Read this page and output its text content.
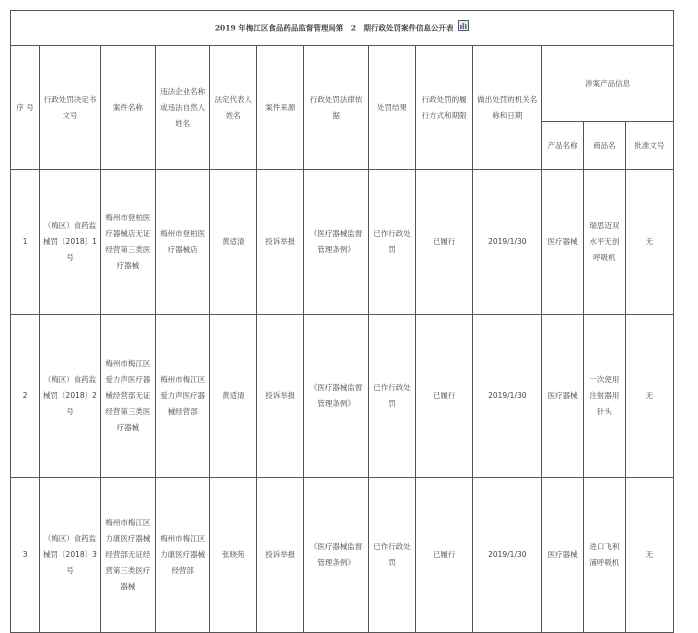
2019 年梅江区食品药品监督管理局第　2　期行政处罚案件信息公开表												
序 号	行政处罚决定书文号	案件名称	违法企业名称或违法自然人姓名	法定代表人姓名	案件来源	行政处罚法律依据	处罚结果	行政处罚的履行方式和期限	做出处罚的机关名称和日期	涉案产品信息		
										产品名称	商品名	批准文号
1	（梅区）食药监 械罚〔2018〕1号	梅州市登柏医疗器械店无证经营第三类医疗器械	梅州市登柏医疗器械店	黄适清	投诉举报	《医疗器械监督管理条例》	已作行政处罚	已履行	2019/1/30	医疗器械	瑞思迈双水平无创呼吸机	无
2	（梅区）食药监 械罚〔2018〕2号	梅州市梅江区爱力声医疗器械经营部无证经营第三类医疗器械	梅州市梅江区爱力声医疗器械经营部	黄适清	投诉举报	《医疗器械监督管理条例》	已作行政处罚	已履行	2019/1/30	医疗器械	一次使用注射器用针头	无
3	（梅区）食药监 械罚〔2018〕3号	梅州市梅江区力康医疗器械经营部无证经营第三类医疗器械	梅州市梅江区力康医疗器械经营部	张晓苑	投诉举报	《医疗器械监督管理条例》	已作行政处罚	已履行	2019/1/30	医疗器械	进口飞利浦呼吸机	无
